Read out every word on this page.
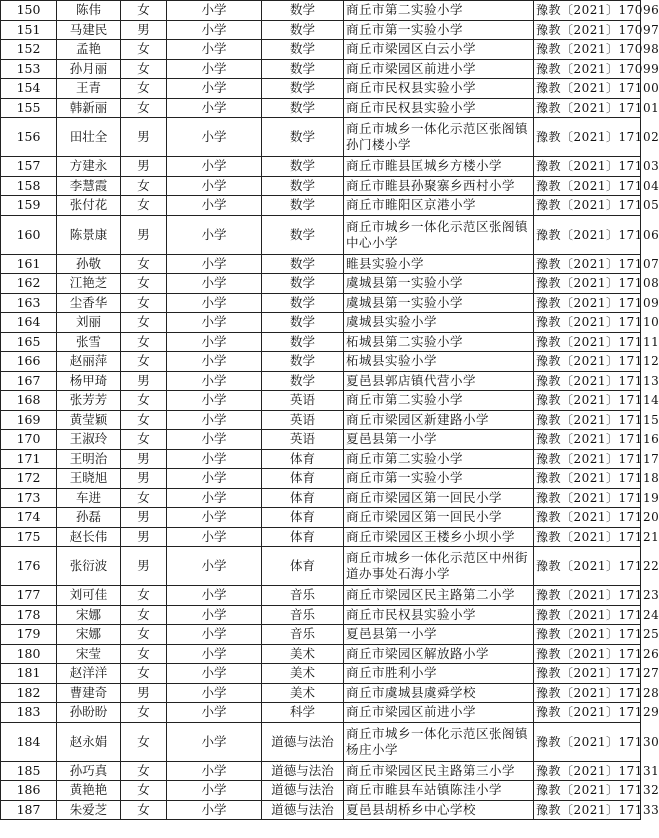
150	陈伟	女	小学	数学	商丘市第二实验小学	豫教〔2021〕17096
151	马建民	男	小学	数学	商丘市第一实验小学	豫教〔2021〕17097
152	孟艳	女	小学	数学	商丘市梁园区白云小学	豫教〔2021〕17098
153	孙月丽	女	小学	数学	商丘市梁园区前进小学	豫教〔2021〕17099
154	王青	女	小学	数学	商丘市民权县实验小学	豫教〔2021〕17100
155	韩新丽	女	小学	数学	商丘市民权县实验小学	豫教〔2021〕17101
156	田壮全	男	小学	数学	商丘市城乡一体化示范区张阁镇孙门楼小学	豫教〔2021〕17102
157	方建永	男	小学	数学	商丘市睢县匡城乡方楼小学	豫教〔2021〕17103
158	李慧霞	女	小学	数学	商丘市睢县孙聚寨乡西村小学	豫教〔2021〕17104
159	张付花	女	小学	数学	商丘市睢阳区京港小学	豫教〔2021〕17105
160	陈景康	男	小学	数学	商丘市城乡一体化示范区张阁镇中心小学	豫教〔2021〕17106
161	孙敬	女	小学	数学	睢县实验小学	豫教〔2021〕17107
162	江艳芝	女	小学	数学	虞城县第一实验小学	豫教〔2021〕17108
163	尘香华	女	小学	数学	虞城县第一实验小学	豫教〔2021〕17109
164	刘丽	女	小学	数学	虞城县实验小学	豫教〔2021〕17110
165	张雪	女	小学	数学	柘城县第二实验小学	豫教〔2021〕17111
166	赵丽萍	女	小学	数学	柘城县实验小学	豫教〔2021〕17112
167	杨甲琦	男	小学	数学	夏邑县郭店镇代营小学	豫教〔2021〕17113
168	张芳芳	女	小学	英语	商丘市第二实验小学	豫教〔2021〕17114
169	黄莹颖	女	小学	英语	商丘市梁园区新建路小学	豫教〔2021〕17115
170	王淑玲	女	小学	英语	夏邑县第一小学	豫教〔2021〕17116
171	王明治	男	小学	体育	商丘市第二实验小学	豫教〔2021〕17117
172	王晓旭	男	小学	体育	商丘市第一实验小学	豫教〔2021〕17118
173	车进	女	小学	体育	商丘市梁园区第一回民小学	豫教〔2021〕17119
174	孙磊	男	小学	体育	商丘市梁园区第一回民小学	豫教〔2021〕17120
175	赵长伟	男	小学	体育	商丘市梁园区王楼乡小坝小学	豫教〔2021〕17121
176	张衍波	男	小学	体育	商丘市城乡一体化示范区中州街道办事处石海小学	豫教〔2021〕17122
177	刘可佳	女	小学	音乐	商丘市梁园区民主路第二小学	豫教〔2021〕17123
178	宋娜	女	小学	音乐	商丘市民权县实验小学	豫教〔2021〕17124
179	宋娜	女	小学	音乐	夏邑县第一小学	豫教〔2021〕17125
180	宋莹	女	小学	美术	商丘市梁园区解放路小学	豫教〔2021〕17126
181	赵洋洋	女	小学	美术	商丘市胜利小学	豫教〔2021〕17127
182	曹建奇	男	小学	美术	商丘市虞城县虞舜学校	豫教〔2021〕17128
183	孙盼盼	女	小学	科学	商丘市梁园区前进小学	豫教〔2021〕17129
184	赵永娟	女	小学	道德与法治	商丘市城乡一体化示范区张阁镇杨庄小学	豫教〔2021〕17130
185	孙巧真	女	小学	道德与法治	商丘市梁园区民主路第三小学	豫教〔2021〕17131
186	黄艳艳	女	小学	道德与法治	商丘市睢县车站镇陈洼小学	豫教〔2021〕17132
187	朱爱芝	女	小学	道德与法治	夏邑县胡桥乡中心学校	豫教〔2021〕17133
